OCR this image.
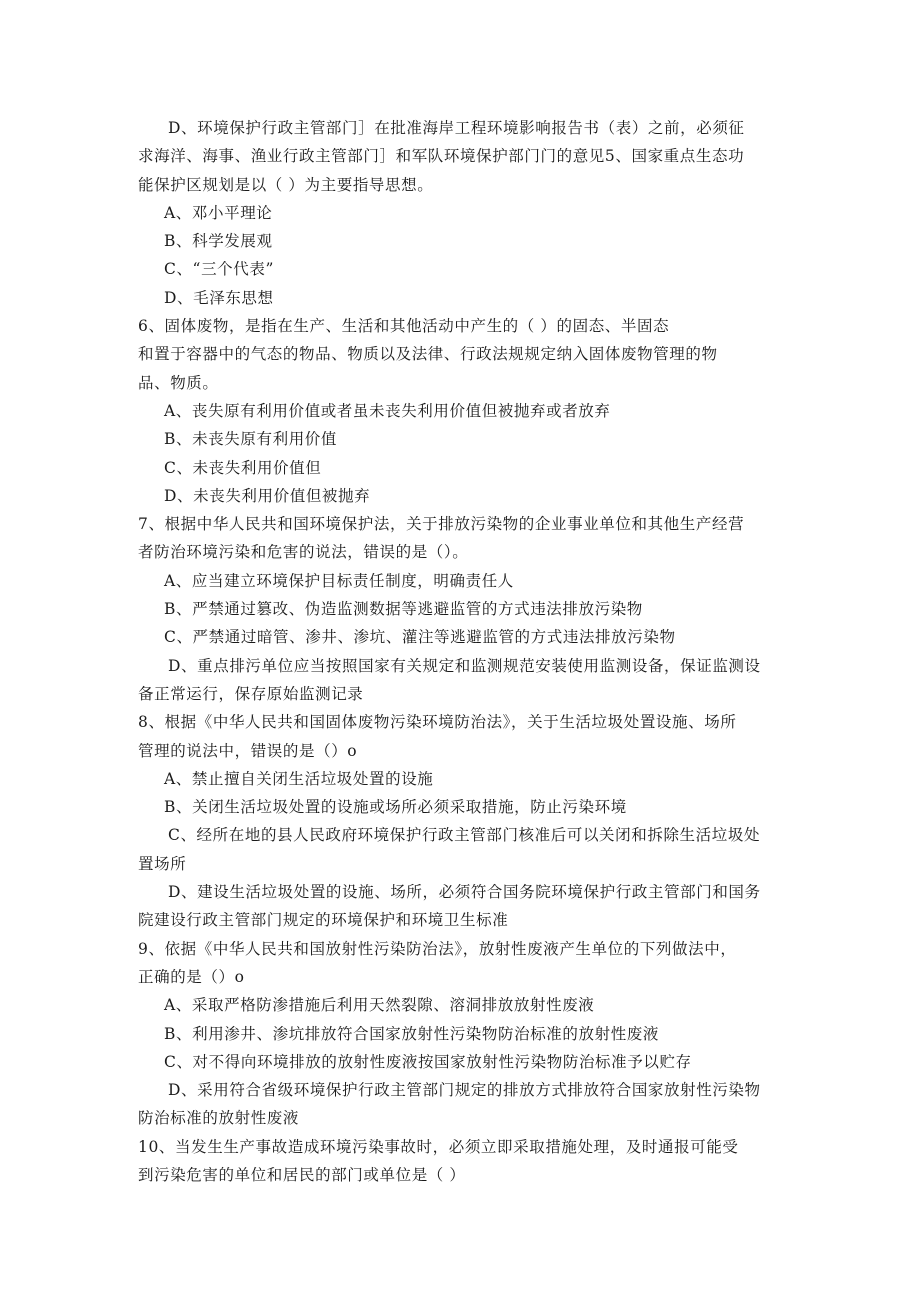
D、环境保护行政主管部门］在批准海岸工程环境影响报告书（表）之前，必须征
求海洋、海事、渔业行政主管部门］和军队环境保护部门门的意见5、国家重点生态功
能保护区规划是以（ ）为主要指导思想。
A、邓小平理论
B、科学发展观
C、“三个代表”
D、毛泽东思想
6、固体废物，是指在生产、生活和其他活动中产生的（ ）的固态、半固态
和置于容器中的气态的物品、物质以及法律、行政法规规定纳入固体废物管理的物
品、物质。
A、丧失原有利用价值或者虽未丧失利用价值但被抛弃或者放弃
B、未丧失原有利用价值
C、未丧失利用价值但
D、未丧失利用价值但被抛弃
7、根据中华人民共和国环境保护法，关于排放污染物的企业事业单位和其他生产经营
者防治环境污染和危害的说法，错误的是（）。
A、应当建立环境保护目标责任制度，明确责任人
B、严禁通过篡改、伪造监测数据等逃避监管的方式违法排放污染物
C、严禁通过暗管、渗井、渗坑、灌注等逃避监管的方式违法排放污染物
D、重点排污单位应当按照国家有关规定和监测规范安装使用监测设备，保证监测设
备正常运行，保存原始监测记录
8、根据《中华人民共和国固体废物污染环境防治法》，关于生活垃圾处置设施、场所
管理的说法中，错误的是（）o
A、禁止擅自关闭生活垃圾处置的设施
B、关闭生活垃圾处置的设施或场所必须采取措施，防止污染环境
C、经所在地的县人民政府环境保护行政主管部门核准后可以关闭和拆除生活垃圾处
置场所
D、建设生活垃圾处置的设施、场所，必须符合国务院环境保护行政主管部门和国务
院建设行政主管部门规定的环境保护和环境卫生标准
9、依据《中华人民共和国放射性污染防治法》，放射性废液产生单位的下列做法中，
正确的是（）o
A、采取严格防渗措施后利用天然裂隙、溶洞排放放射性废液
B、利用渗井、渗坑排放符合国家放射性污染物防治标准的放射性废液
C、对不得向环境排放的放射性废液按国家放射性污染物防治标准予以贮存
D、采用符合省级环境保护行政主管部门规定的排放方式排放符合国家放射性污染物
防治标准的放射性废液
10、当发生生产事故造成环境污染事故时，必须立即采取措施处理，及时通报可能受
到污染危害的单位和居民的部门或单位是（ ）
